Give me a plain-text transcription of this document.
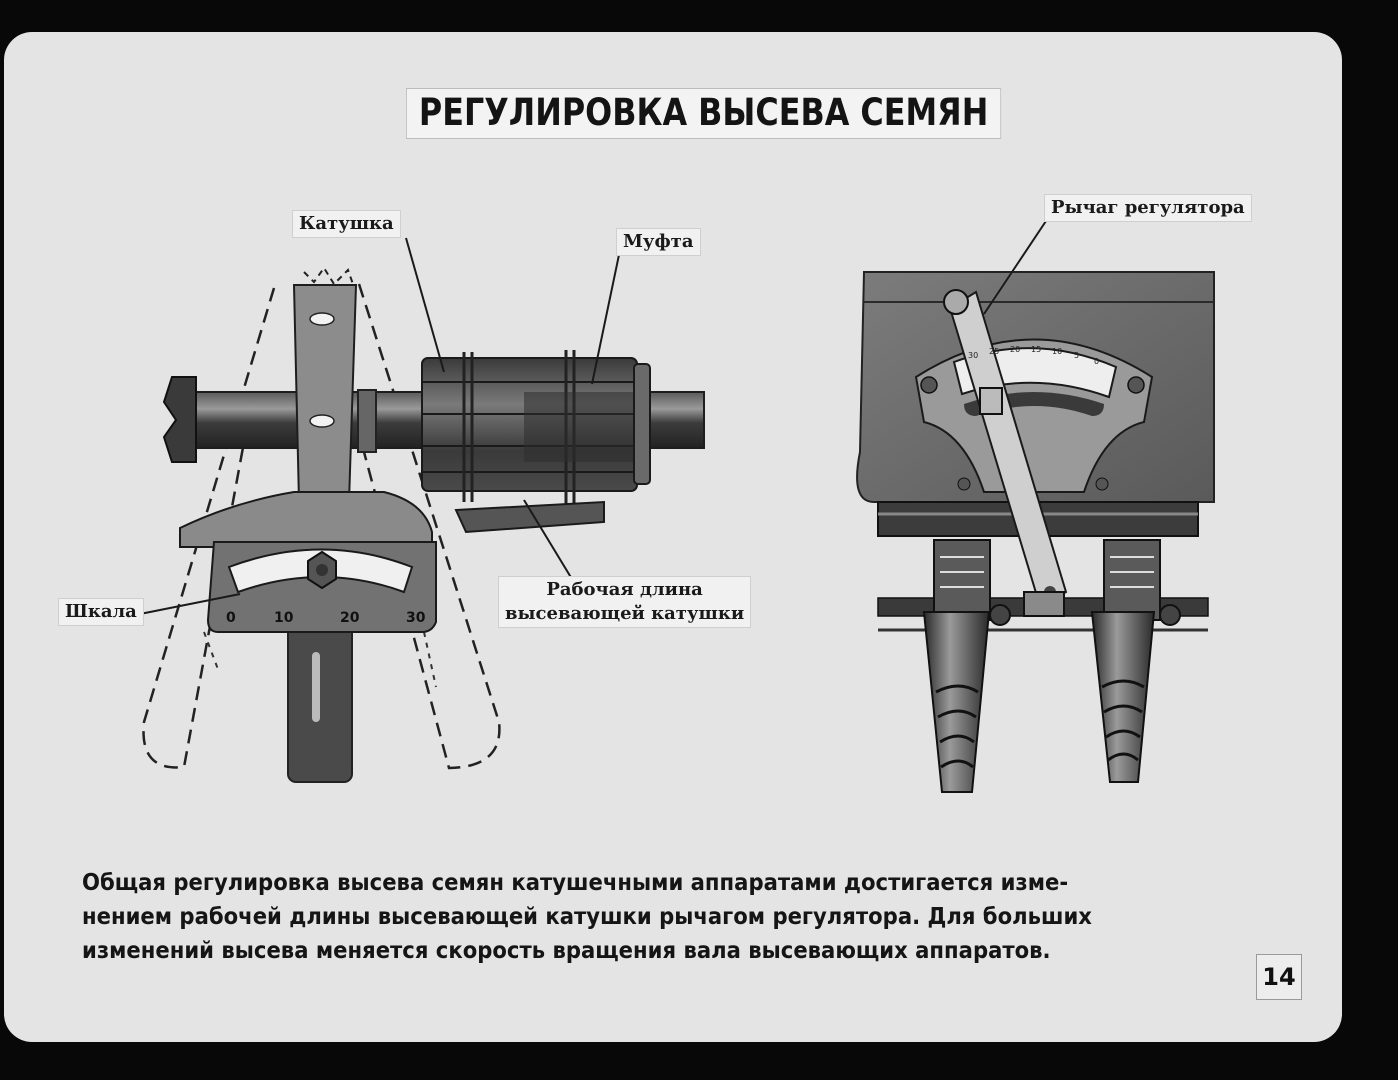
0	10	20	30
30 25 20 15 10 5
0
РЕГУЛИРОВКА ВЫСЕВА СЕМЯН
Катушка
Муфта
Шкала
Рабочая длина
высевающей катушки
Рычаг регулятора
Общая регулировка высева семян катушечными аппаратами достигается изме-
нением рабочей длины высевающей катушки рычагом регулятора. Для больших
изменений высева меняется скорость вращения вала высевающих аппаратов.
14
